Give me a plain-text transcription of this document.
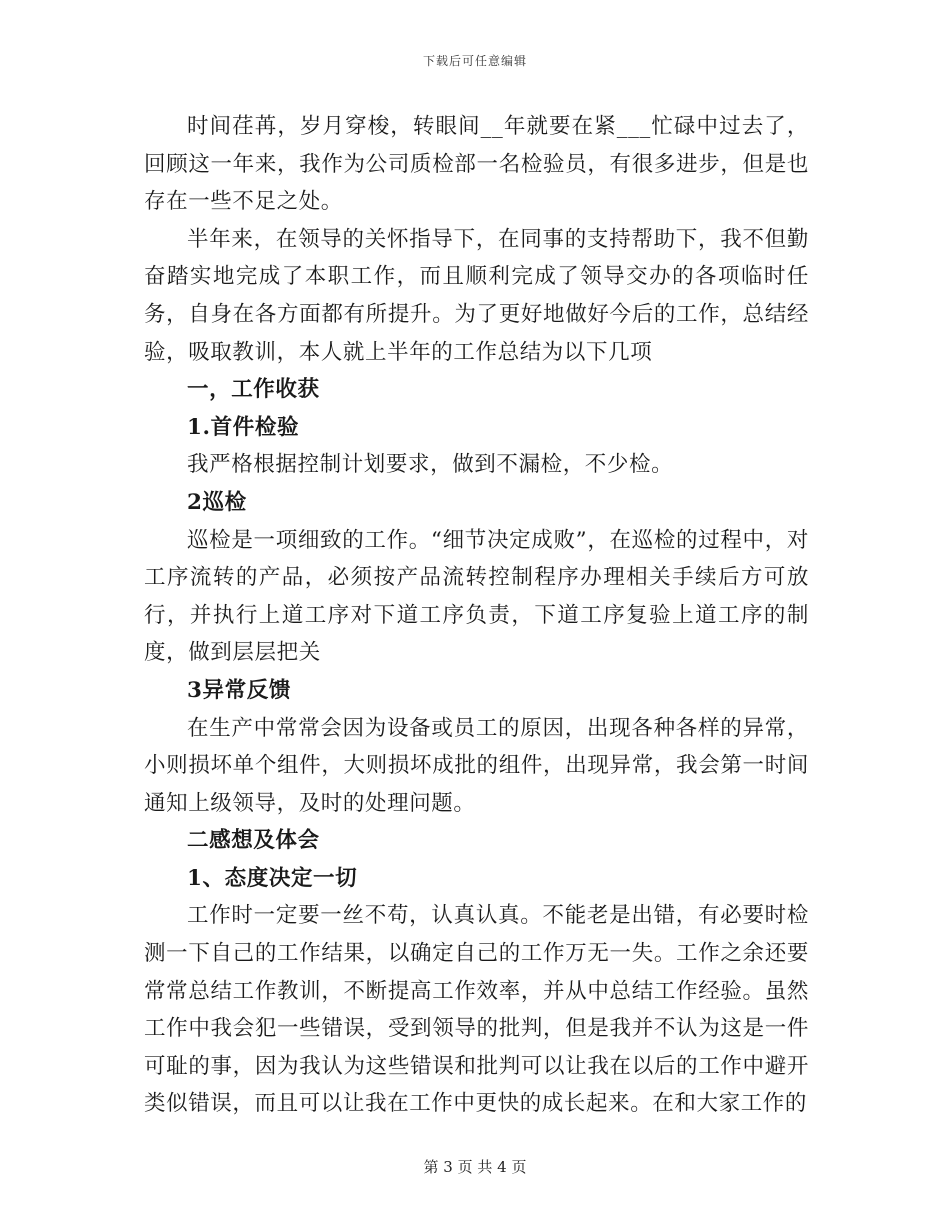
下载后可任意编辑

时间荏苒，岁月穿梭，转眼间__年就要在紧___忙碌中过去了，回顾这一年来，我作为公司质检部一名检验员，有很多进步，但是也存在一些不足之处。

半年来，在领导的关怀指导下，在同事的支持帮助下，我不但勤奋踏实地完成了本职工作，而且顺利完成了领导交办的各项临时任务，自身在各方面都有所提升。为了更好地做好今后的工作，总结经验，吸取教训，本人就上半年的工作总结为以下几项

一，工作收获

1.首件检验

我严格根据控制计划要求，做到不漏检，不少检。

2巡检

巡检是一项细致的工作。“细节决定成败”，在巡检的过程中，对工序流转的产品，必须按产品流转控制程序办理相关手续后方可放行，并执行上道工序对下道工序负责，下道工序复验上道工序的制度，做到层层把关

3异常反馈

在生产中常常会因为设备或员工的原因，出现各种各样的异常，小则损坏单个组件，大则损坏成批的组件，出现异常，我会第一时间通知上级领导，及时的处理问题。

二感想及体会

1、态度决定一切

工作时一定要一丝不苟，认真认真。不能老是出错，有必要时检测一下自己的工作结果，以确定自己的工作万无一失。工作之余还要常常总结工作教训，不断提高工作效率，并从中总结工作经验。虽然工作中我会犯一些错误，受到领导的批判，但是我并不认为这是一件可耻的事，因为我认为这些错误和批判可以让我在以后的工作中避开类似错误，而且可以让我在工作中更快的成长起来。在和大家工作的

第 3 页 共 4 页
